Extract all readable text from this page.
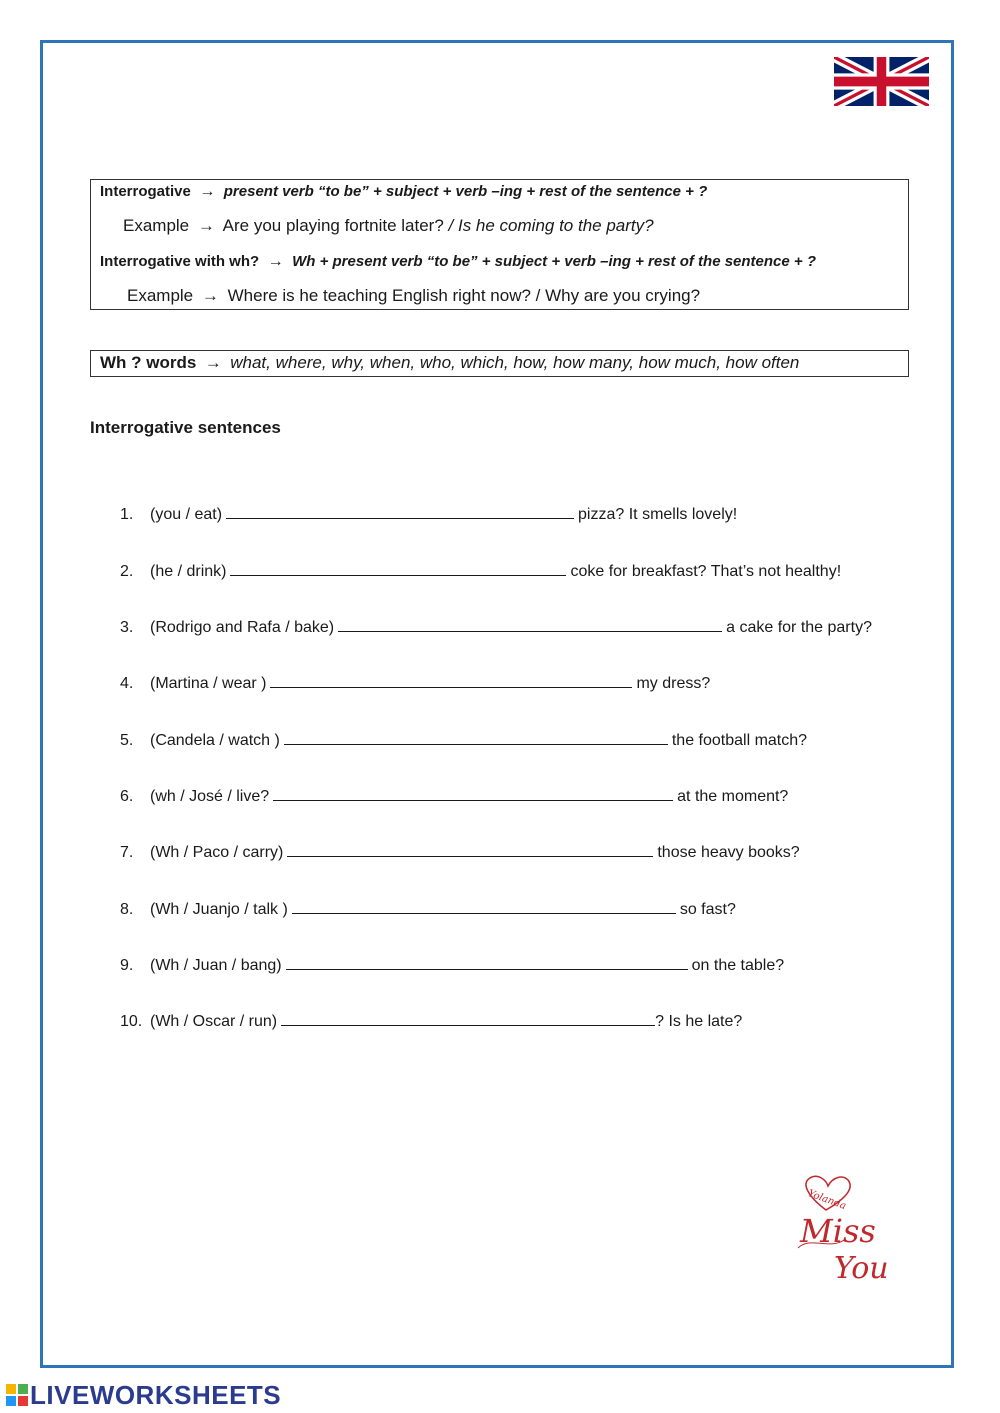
Interrogative → present verb “to be” + subject + verb –ing + rest of the sentence + ?
Example → Are you playing fortnite later? / Is he coming to the party?
Interrogative with wh? → Wh + present verb “to be” + subject + verb –ing + rest of the sentence + ?
Example → Where is he teaching English right now? / Why are you crying?
Wh ? words → what, where, why, when, who, which, how, how many, how much, how often
Interrogative sentences
1. (you / eat)	pizza? It smells lovely!
2. (he / drink)	coke for breakfast? That’s not healthy!
3. (Rodrigo and Rafa / bake)	a cake for the party?
4. (Martina / wear )	my dress?
5. (Candela / watch )	the football match?
6. (wh / José / live?	at the moment?
7. (Wh / Paco / carry)	those heavy books?
8. (Wh / Juanjo / talk )	so fast?
9. (Wh / Juan / bang)	on the table?
10. (Wh / Oscar / run)	? Is he late?
Yolanda
Miss
You
LIVEWORKSHEETS
